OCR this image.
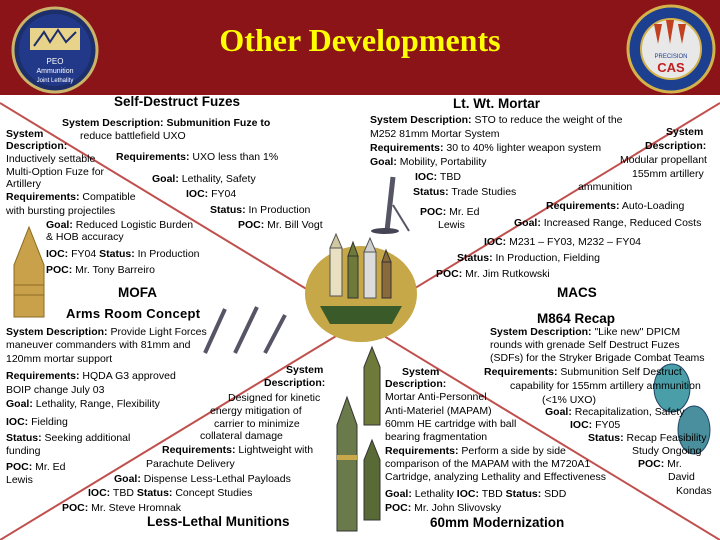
Other Developments
PEO
Ammunition
Joint Lethality
PRECISION
CAS
Self-Destruct Fuzes
System Description: Submunition Fuze to
System	reduce battlefield UXO
Description:
Inductively settable Requirements: UXO less than 1%
Multi-Option Fuze for
Goal: Lethality, Safety
Artillery
Requirements: Compatible	IOC: FY04
with bursting projectiles	Status: In Production
Goal: Reduced Logistic Burden	POC: Mr. Bill Vogt
& HOB accuracy
IOC: FY04 Status: In Production
POC: Mr. Tony Barreiro
MOFA
Lt. Wt. Mortar
System Description: STO to reduce the weight of the
M252 81mm Mortar System	System
Requirements: 30 to 40% lighter weapon system	Description:
Goal: Mobility, Portability	Modular propellant
IOC: TBD	155mm artillery
Status: Trade Studies	ammunition
Requirements: Auto-Loading
POC: Mr. Ed
Lewis	Goal: Increased Range, Reduced Costs
IOC: M231 – FY03, M232 – FY04
Status: In Production, Fielding
POC: Mr. Jim Rutkowski
MACS
Arms Room Concept
System Description: Provide Light Forces
maneuver commanders with 81mm and
120mm mortar support
Requirements: HQDA G3 approved
BOIP change July 03
Goal: Lethality, Range, Flexibility
IOC: Fielding
Status: Seeking additional
funding
POC: Mr. Ed
Lewis
System
Description:
Designed for kinetic
energy mitigation of
carrier to minimize
collateral damage
Requirements: Lightweight with
Parachute Delivery
Goal: Dispense Less-Lethal Payloads
IOC: TBD Status: Concept Studies
POC: Mr. Steve Hromnak
Less-Lethal Munitions
M864 Recap
System Description: "Like new" DPICM
rounds with grenade Self Destruct Fuzes
(SDFs) for the Stryker Brigade Combat Teams
System	Requirements: Submunition Self Destruct
Description:	capability for 155mm artillery ammunition
Mortar Anti-Personnel	(<1% UXO)
Anti-Materiel (MAPAM)	Goal: Recapitalization, Safety
60mm HE cartridge with ball	IOC: FY05
bearing fragmentation	Status: Recap Feasibility
Requirements: Perform a side by side	Study Ongoing
comparison of the MAPAM with the M720A1	POC: Mr.
Cartridge, analyzing Lethality and Effectiveness	David
Kondas
Goal: Lethality IOC: TBD Status: SDD
POC: Mr. John Slivovsky
60mm Modernization
